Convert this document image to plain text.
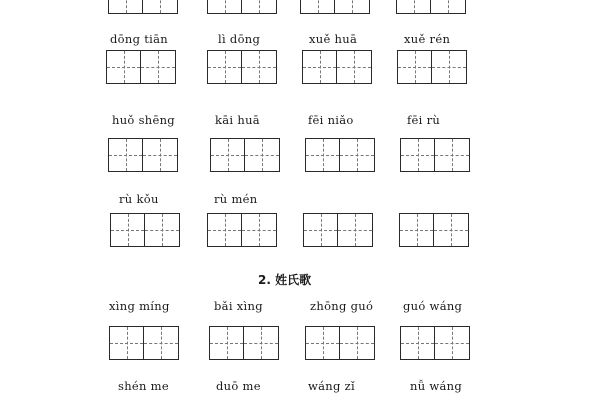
dōng tiān	lì dōng	xuě huā	xuě rén
huǒ shēng	kāi huā	fēi niǎo	fēi rù
rù kǒu	rù mén
2. 姓氏歌
xìng míng	bǎi xìng	zhōng guó	guó wáng
shén me	duō me	wáng zǐ	nǚ wáng
